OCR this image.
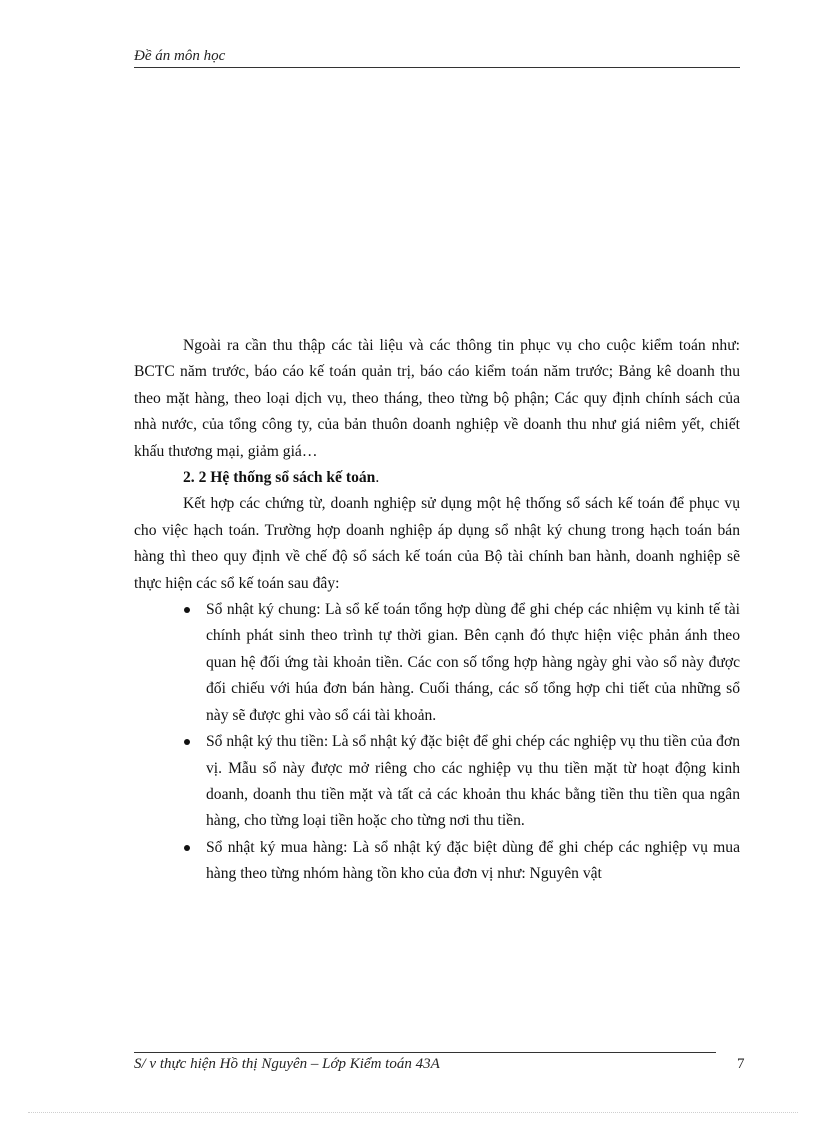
Đề án môn học

Ngoài ra cần thu thập các tài liệu và các thông tin phục vụ cho cuộc kiểm toán như: BCTC năm trước, báo cáo kế toán quản trị, báo cáo kiểm toán năm trước; Bảng kê doanh thu theo mặt hàng, theo loại dịch vụ, theo tháng, theo từng bộ phận; Các quy định chính sách của nhà nước, của tổng công ty, của bản thuôn doanh nghiệp về doanh thu như giá niêm yết, chiết khấu thương mại, giảm giá…

2. 2 Hệ thống sổ sách kế toán.

Kết hợp các chứng từ, doanh nghiệp sử dụng một hệ thống sổ sách kế toán để phục vụ cho việc hạch toán. Trường hợp doanh nghiệp áp dụng sổ nhật ký chung trong hạch toán bán hàng thì theo quy định về chế độ sổ sách kế toán của Bộ tài chính ban hành, doanh nghiệp sẽ thực hiện các sổ kế toán sau đây:

Sổ nhật ký chung: Là sổ kế toán tổng hợp dùng để ghi chép các nhiệm vụ kinh tế tài chính phát sinh theo trình tự thời gian. Bên cạnh đó thực hiện việc phản ánh theo quan hệ đối ứng tài khoản tiền. Các con số tổng hợp hàng ngày ghi vào sổ này được đối chiếu với húa đơn bán hàng. Cuối tháng, các số tổng hợp chi tiết của những sổ này sẽ được ghi vào sổ cái tài khoản.
Sổ nhật ký thu tiền: Là sổ nhật ký đặc biệt để ghi chép các nghiệp vụ thu tiền của đơn vị. Mẫu sổ này được mở riêng cho các nghiệp vụ thu tiền mặt từ hoạt động kinh doanh, doanh thu tiền mặt và tất cả các khoản thu khác bằng tiền thu tiền qua ngân hàng, cho từng loại tiền hoặc cho từng nơi thu tiền.
Sổ nhật ký mua hàng: Là sổ nhật ký đặc biệt dùng để ghi chép các nghiệp vụ mua hàng theo từng nhóm hàng tồn kho của đơn vị như: Nguyên vật
S/ v thực hiện Hồ thị Nguyên – Lớp Kiểm toán 43A	7
